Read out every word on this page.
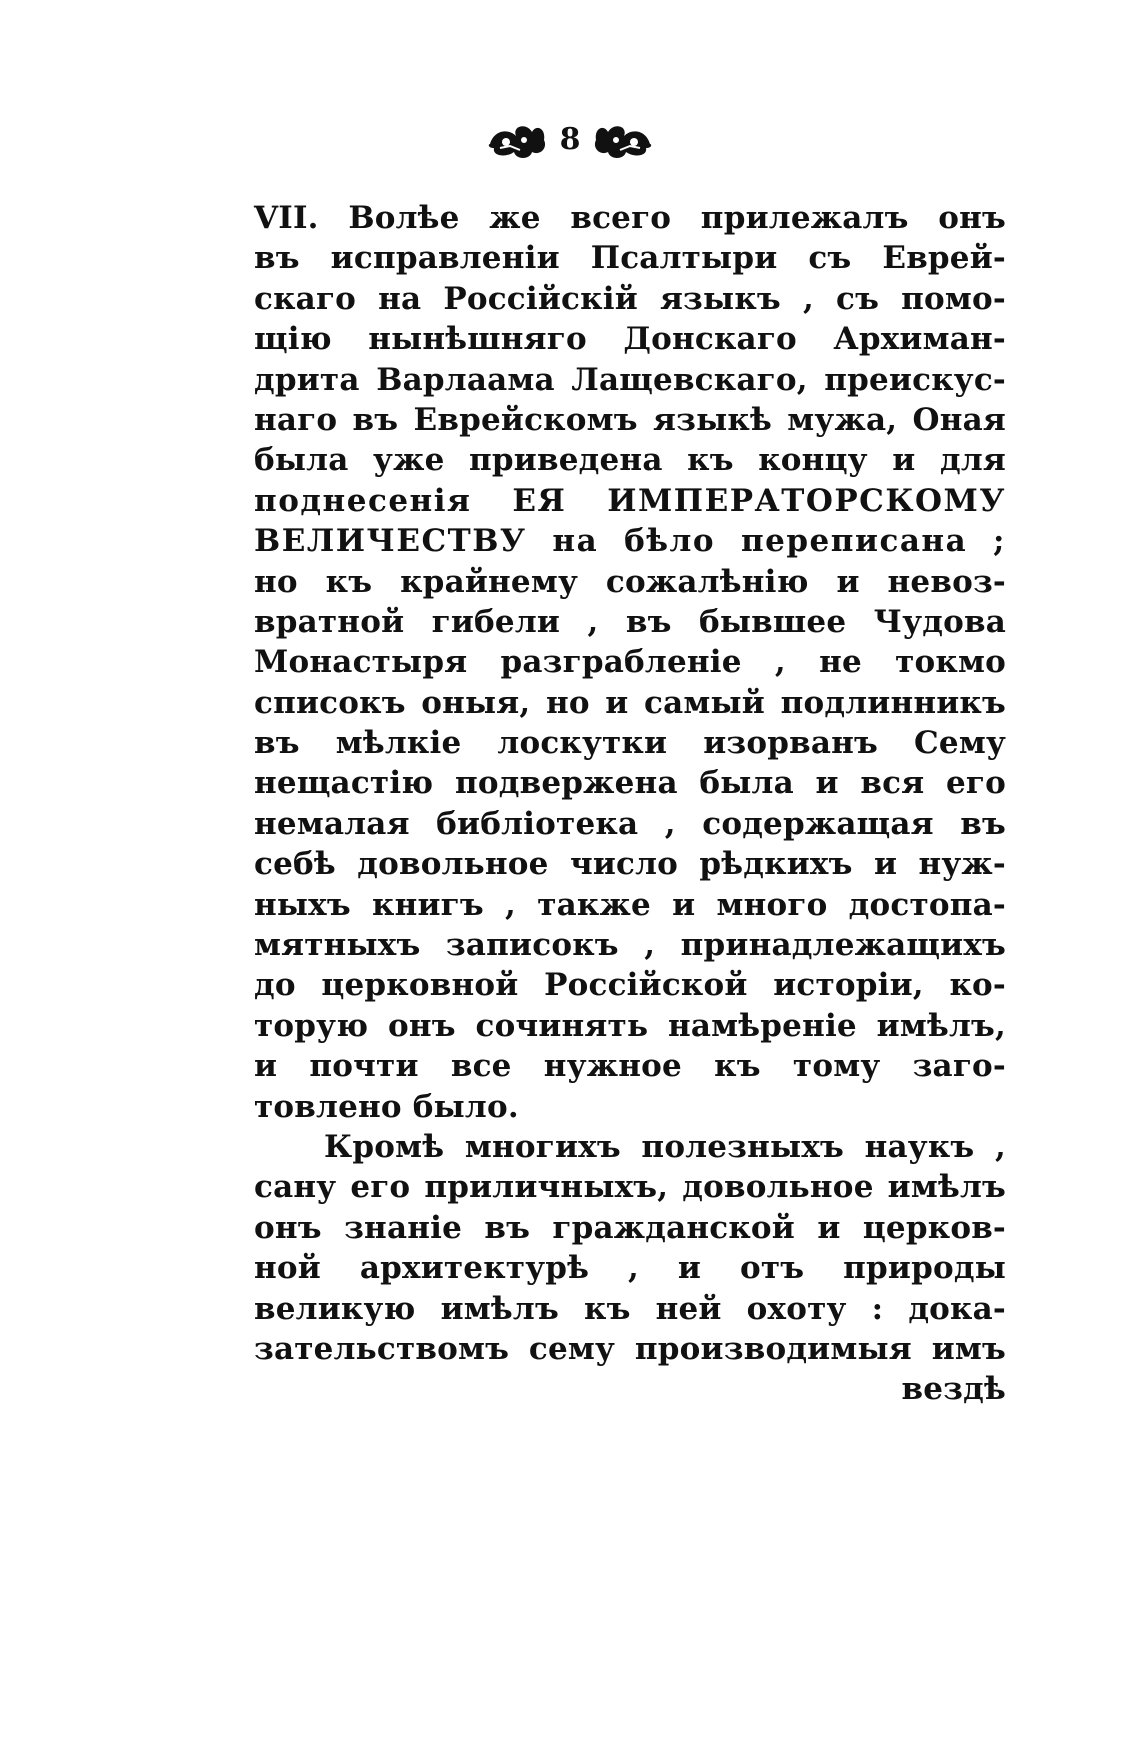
8
VII. Волѣе же всего прилежалъ онъ
въ исправленіи Псалтыри съ Еврей-
скаго на Россійскій языкъ , съ помо-
щію нынѣшняго Донскаго Архиман-
дрита Варлаама Лащевскаго, преискус-
наго въ Еврейскомъ языкѣ мужа, Оная
была уже приведена къ концу и для
поднесенія ЕЯ ИМПЕРАТОРСКОМУ
ВЕЛИЧЕСТВУ на бѣло переписана ;
но къ крайнему сожалѣнію и невоз-
вратной гибели , въ бывшее Чудова
Монастыря разграбленіе , не токмо
списокъ оныя, но и самый подлинникъ
въ мѣлкіе лоскутки изорванъ Сему
нещастію подвержена была и вся его
немалая библіотека , содержащая въ
себѣ довольное число рѣдкихъ и нуж-
ныхъ книгъ , также и много достопа-
мятныхъ записокъ , принадлежащихъ
до церковной Россійской исторіи, ко-
торую онъ сочинять намѣреніе имѣлъ,
и почти все нужное къ тому загo-
товлено было.
Кромѣ многихъ полезныхъ наукъ ,
сану его приличныхъ, довольное имѣлъ
онъ знаніе въ гражданской и церков-
ной архитектурѣ , и отъ природы
великую имѣлъ къ ней охоту : дока-
зательствомъ сему производимыя имъ
вездѣ
